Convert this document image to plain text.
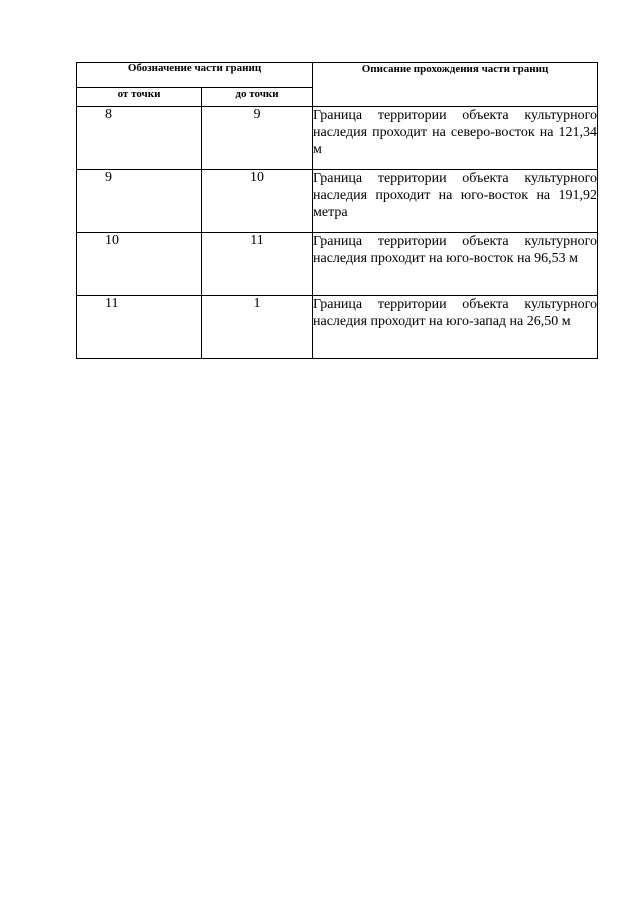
Обозначение части границ		Описание прохождения части границ
от точки	до точки	
8	9	Граница территории объекта культурного наследия проходит на северо-восток на 121,34 м
9	10	Граница территории объекта культурного наследия проходит на юго-восток на 191,92 метра
10	11	Граница территории объекта культурного наследия проходит на юго-восток на 96,53 м
11	1	Граница территории объекта культурного наследия проходит на юго-запад на 26,50 м
